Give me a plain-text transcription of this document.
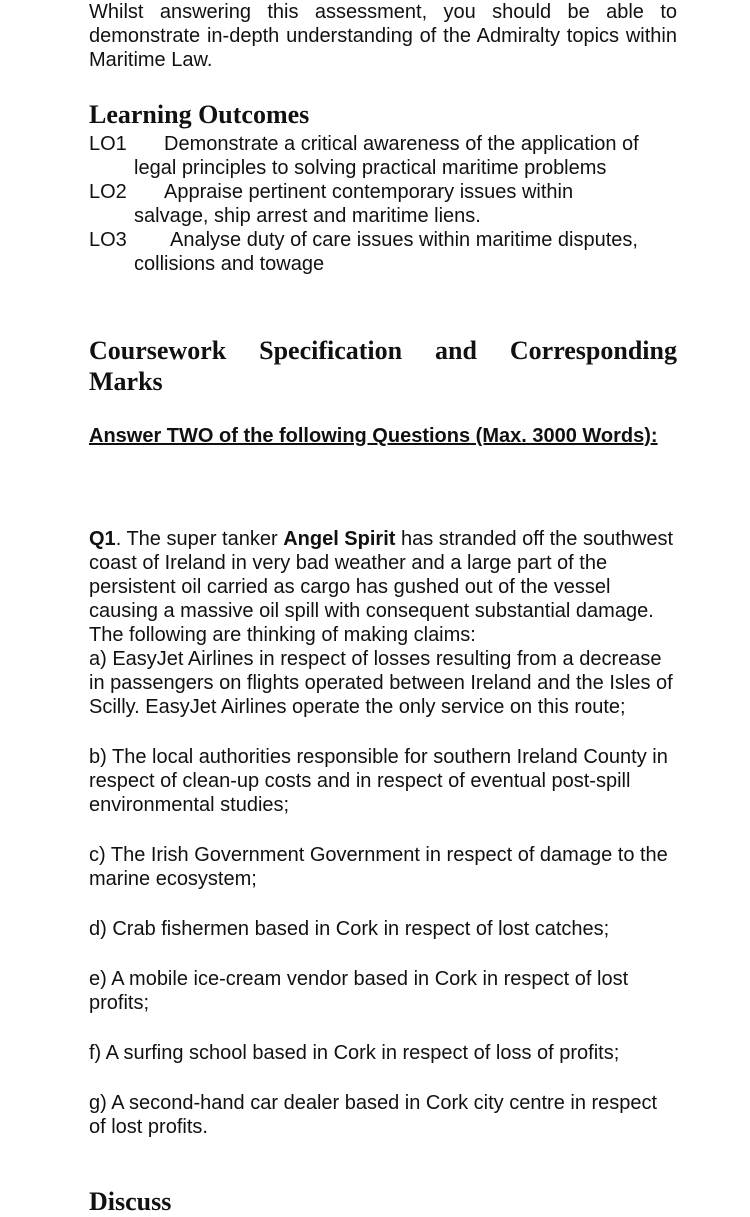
Whilst answering this assessment, you should be able to demonstrate in-depth understanding of the Admiralty topics within Maritime Law.

Learning Outcomes
LO1 Demonstrate a critical awareness of the application of
legal principles to solving practical maritime problems
LO2 Appraise pertinent contemporary issues within
salvage, ship arrest and maritime liens.
LO3 Analyse duty of care issues within maritime disputes,
collisions and towage
Coursework Specification and Corresponding Marks
Answer TWO of the following Questions (Max. 3000 Words):

Q1. The super tanker Angel Spirit has stranded off the southwest coast of Ireland in very bad weather and a large part of the persistent oil carried as cargo has gushed out of the vessel causing a massive oil spill with consequent substantial damage. The following are thinking of making claims:

a) EasyJet Airlines in respect of losses resulting from a decrease in passengers on flights operated between Ireland and the Isles of Scilly. EasyJet Airlines operate the only service on this route;

b) The local authorities responsible for southern Ireland County in respect of clean-up costs and in respect of eventual post-spill environmental studies;

c) The Irish Government Government in respect of damage to the marine ecosystem;

d) Crab fishermen based in Cork in respect of lost catches;

e) A mobile ice-cream vendor based in Cork in respect of lost profits;

f) A surfing school based in Cork in respect of loss of profits;

g) A second-hand car dealer based in Cork city centre in respect of lost profits.

Discuss
